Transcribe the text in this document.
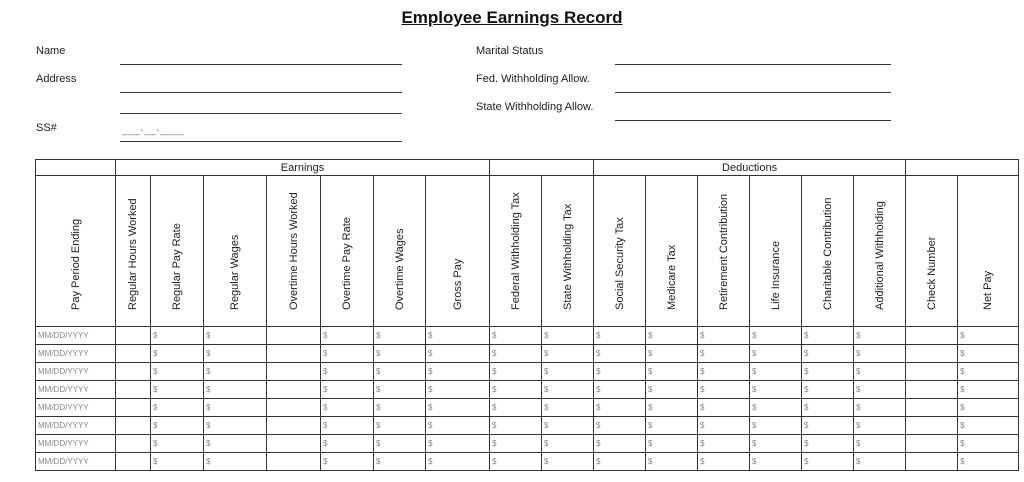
Employee Earnings Record
Name
Address
SS#	___-__-____
Marital Status
Fed. Withholding Allow.
State Withholding Allow.
	Earnings									Deductions							

Pay Period Ending	Regular Hours Worked	Regular Pay Rate	Regular Wages	Overtime Hours Worked	Overtime Pay Rate	Overtime Wages	Gross Pay	Federal Withholding Tax	State Withholding Tax	Social Security Tax	Medicare Tax	Retirement Contribution	Life Insurance	Charitable Contribution	Additional Withholding	Check Number	Net Pay

MM/DD/YYYY		$	$		$	$	$	$	$	$	$	$	$	$	$		$
MM/DD/YYYY		$	$		$	$	$	$	$	$	$	$	$	$	$		$
MM/DD/YYYY		$	$		$	$	$	$	$	$	$	$	$	$	$		$
MM/DD/YYYY		$	$		$	$	$	$	$	$	$	$	$	$	$		$
MM/DD/YYYY		$	$		$	$	$	$	$	$	$	$	$	$	$		$
MM/DD/YYYY		$	$		$	$	$	$	$	$	$	$	$	$	$		$
MM/DD/YYYY		$	$		$	$	$	$	$	$	$	$	$	$	$		$
MM/DD/YYYY		$	$		$	$	$	$	$	$	$	$	$	$	$		$
